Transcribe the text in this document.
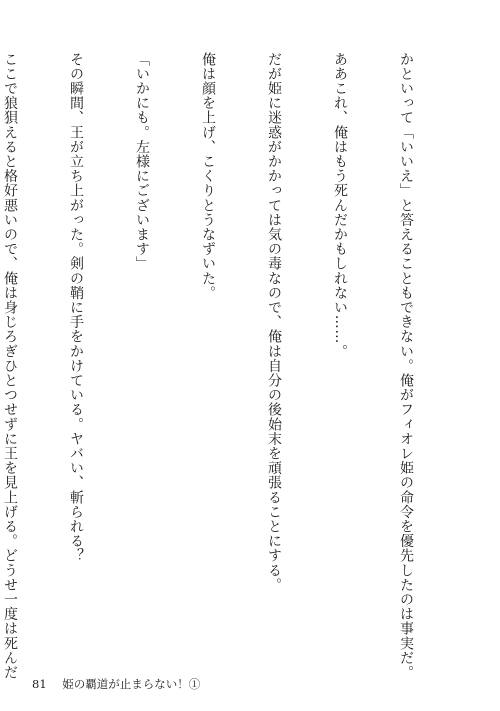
かといって「いいえ」と答えることもできない。俺がフィオレ姫の命令を優先したのは事実だ。

ああこれ、俺はもう死んだかもしれない……。

だが姫に迷惑がかかっては気の毒なので、俺は自分の後始末を頑張ることにする。

俺は顔を上げ、こくりとうなずいた。

「いかにも。左様にございます」

その瞬間、王が立ち上がった。剣の鞘に手をかけている。ヤバい、斬られる？

ここで狼狽えると格好悪いので、俺は身じろぎひとつせずに王を見上げる。どうせ一度は死んだ

81 姫の覇道が止まらない！①
